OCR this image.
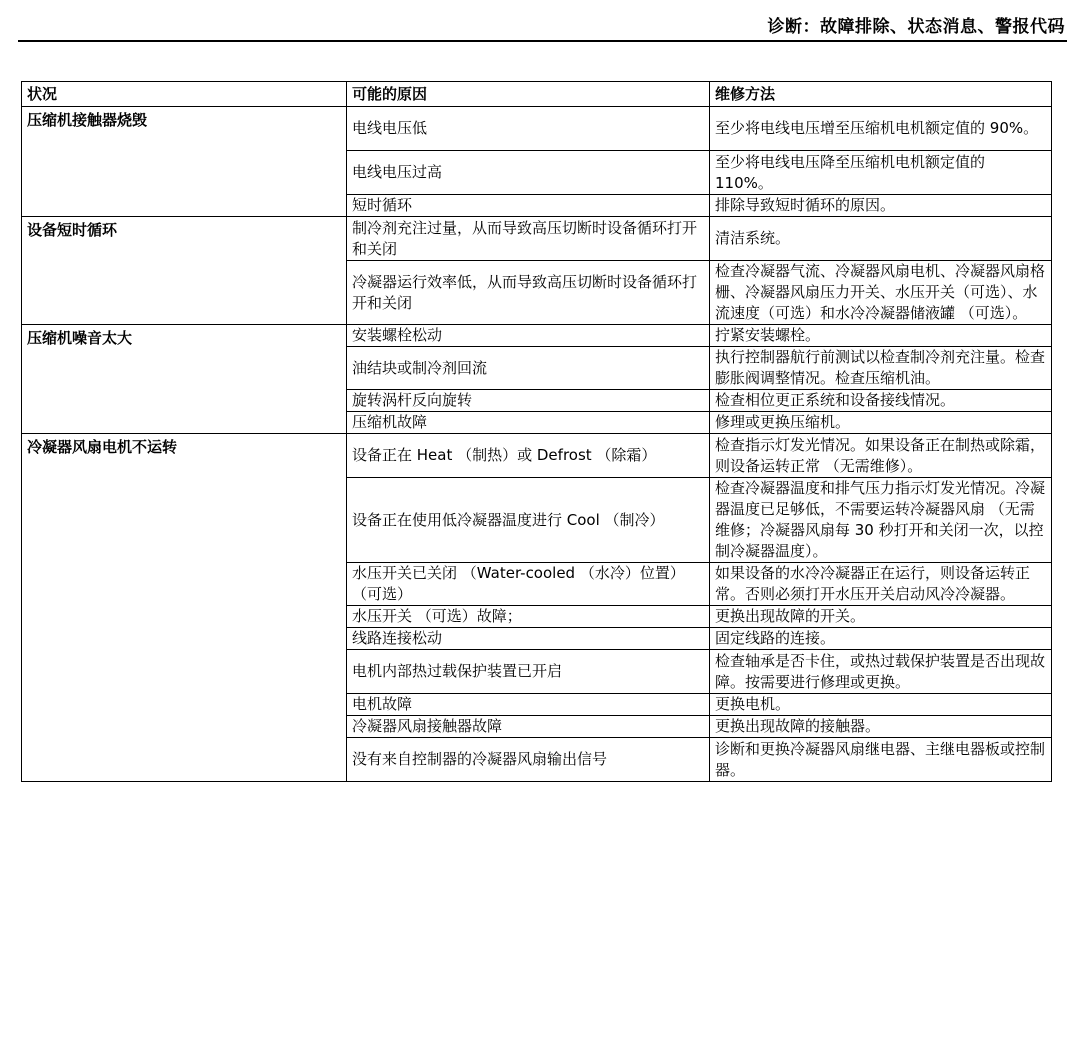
诊断：故障排除、状态消息、警报代码
状况	可能的原因	维修方法
压缩机接触器烧毁	电线电压低	至少将电线电压增至压缩机电机额定值的 90%。
	电线电压过高	至少将电线电压降至压缩机电机额定值的 110%。
	短时循环	排除导致短时循环的原因。
设备短时循环	制冷剂充注过量，从而导致高压切断时设备循环打开和关闭	清洁系统。
	冷凝器运行效率低，从而导致高压切断时设备循环打开和关闭	检查冷凝器气流、冷凝器风扇电机、冷凝器风扇格栅、冷凝器风扇压力开关、水压开关（可选）、水流速度（可选）和水冷冷凝器储液罐 （可选）。
压缩机噪音太大	安装螺栓松动	拧紧安装螺栓。
	油结块或制冷剂回流	执行控制器航行前测试以检查制冷剂充注量。检查膨胀阀调整情况。检查压缩机油。
	旋转涡杆反向旋转	检查相位更正系统和设备接线情况。
	压缩机故障	修理或更换压缩机。
冷凝器风扇电机不运转	设备正在 Heat （制热）或 Defrost （除霜）	检查指示灯发光情况。如果设备正在制热或除霜，则设备运转正常 （无需维修）。
	设备正在使用低冷凝器温度进行 Cool （制冷）	检查冷凝器温度和排气压力指示灯发光情况。冷凝器温度已足够低，不需要运转冷凝器风扇 （无需维修；冷凝器风扇每 30 秒打开和关闭一次，以控制冷凝器温度）。
	水压开关已关闭 （Water-cooled （水冷）位置）（可选）	如果设备的水冷冷凝器正在运行，则设备运转正常。否则必须打开水压开关启动风冷冷凝器。
	水压开关 （可选）故障；	更换出现故障的开关。
	线路连接松动	固定线路的连接。
	电机内部热过载保护装置已开启	检查轴承是否卡住，或热过载保护装置是否出现故障。按需要进行修理或更换。
	电机故障	更换电机。
	冷凝器风扇接触器故障	更换出现故障的接触器。
	没有来自控制器的冷凝器风扇输出信号	诊断和更换冷凝器风扇继电器、主继电器板或控制器。
